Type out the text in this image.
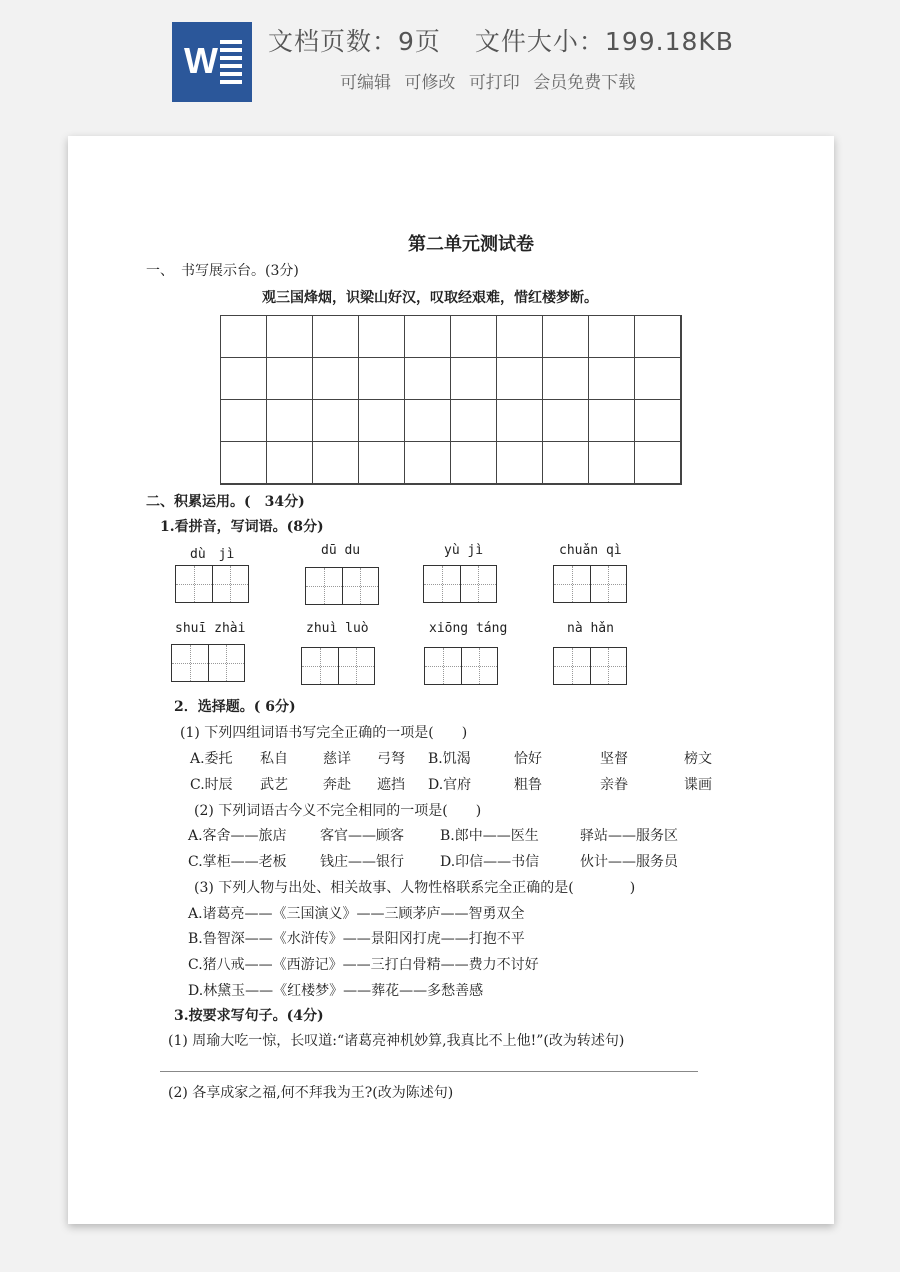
W 文档页数：9页 文件大小：199.18KB
可编辑 可修改 可打印 会员免费下载
第二单元测试卷
一、　书写展示台。(3分)
观三国烽烟，识梁山好汉，叹取经艰难，惜红楼梦断。
二、积累运用。(　34分)
1.看拼音，写词语。(8分)
dù　jì	dū du	yù jì	chuǎn qì
shuī zhài	zhuì luò	xiōng táng	nà hǎn
2．选择题。( 6分)
(1) 下列四组词语书写完全正确的一项是(　　)
A.委托 私自	慈详 弓弩 B.饥渴	恰好	坚督	榜文
C.时辰 武艺	奔赴 遮挡 D.官府	粗鲁	亲眷	谍画
(2) 下列词语古今义不完全相同的一项是(　　)
A.客舍——旅店 客官——顾客	B.郎中——医生	驿站——服务区
C.掌柜——老板 钱庄——银行	D.印信——书信	伙计——服务员
(3) 下列人物与出处、相关故事、人物性格联系完全正确的是(　　　　)
A.诸葛亮——《三国演义》——三顾茅庐——智勇双全
B.鲁智深——《水浒传》——景阳冈打虎——打抱不平
C.猪八戒——《西游记》——三打白骨精——费力不讨好
D.林黛玉——《红楼梦》——葬花——多愁善感
3.按要求写句子。(4分)
(1) 周瑜大吃一惊，长叹道:“诸葛亮神机妙算,我真比不上他!”(改为转述句)
(2) 各享成家之福,何不拜我为王?(改为陈述句)
